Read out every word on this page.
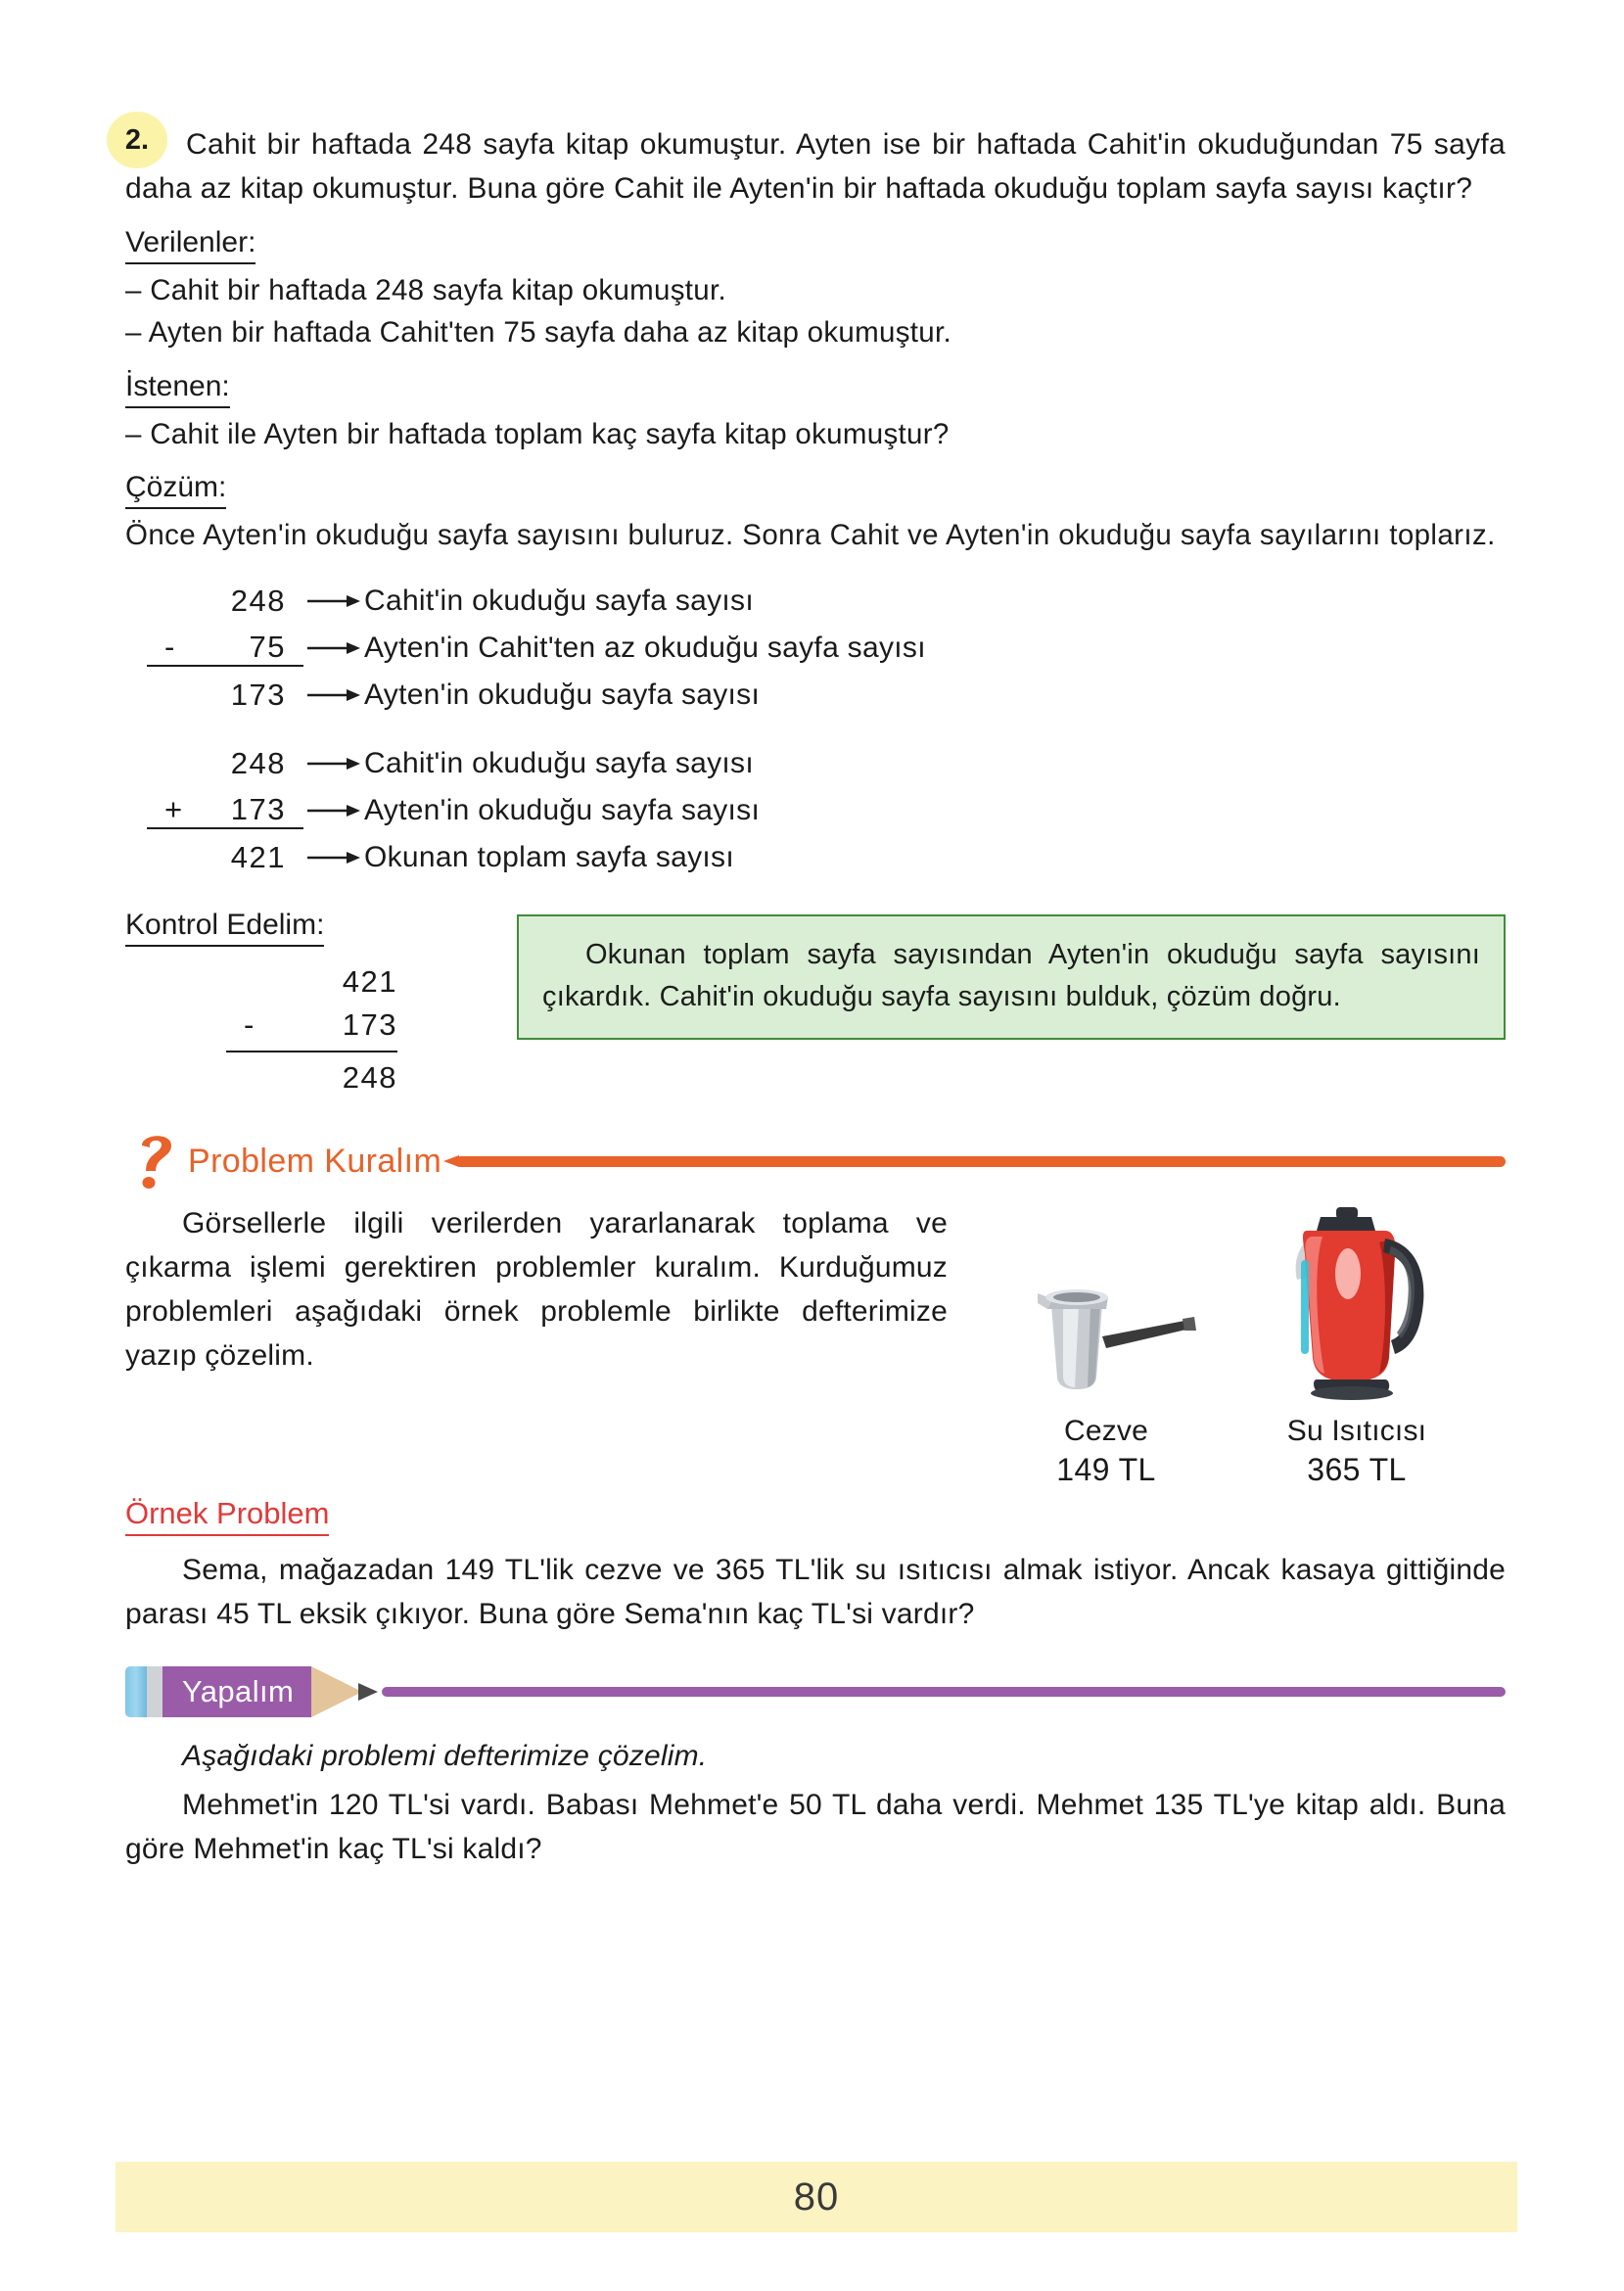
2.	Cahit bir haftada 248 sayfa kitap okumuştur. Ayten ise bir haftada Cahit'in okuduğundan 75 sayfa daha az kitap okumuştur. Buna göre Cahit ile Ayten'in bir haftada okuduğu toplam sayfa sayısı kaçtır?
Verilenler:
– Cahit bir haftada 248 sayfa kitap okumuştur.
– Ayten bir haftada Cahit'ten 75 sayfa daha az kitap okumuştur.
İstenen:
– Cahit ile Ayten bir haftada toplam kaç sayfa kitap okumuştur?
Çözüm:
Önce Ayten'in okuduğu sayfa sayısını buluruz. Sonra Cahit ve Ayten'in okuduğu sayfa sayılarını toplarız.
248	Cahit'in okuduğu sayfa sayısı
- 75	Ayten'in Cahit'ten az okuduğu sayfa sayısı
173	Ayten'in okuduğu sayfa sayısı
248	Cahit'in okuduğu sayfa sayısı
+ 173	Ayten'in okuduğu sayfa sayısı
421	Okunan toplam sayfa sayısı
Kontrol Edelim:
421
- 173
248

Okunan toplam sayfa sayısından Ayten'in okuduğu sayfa sayısını çıkardık. Cahit'in okuduğu sayfa sayısını bulduk, çözüm doğru.

Problem Kuralım
Görsellerle ilgili verilerden yararlanarak toplama ve çıkarma işlemi gerektiren problemler kuralım. Kurduğumuz problemleri aşağıdaki örnek problemle birlikte defterimize yazıp çözelim.
Cezve
149 TL
Su Isıtıcısı
365 TL
Örnek Problem
Sema, mağazadan 149 TL'lik cezve ve 365 TL'lik su ısıtıcısı almak istiyor. Ancak kasaya gittiğinde parası 45 TL eksik çıkıyor. Buna göre Sema'nın kaç TL'si vardır?
Yapalım
Aşağıdaki problemi defterimize çözelim.
Mehmet'in 120 TL'si vardı. Babası Mehmet'e 50 TL daha verdi. Mehmet 135 TL'ye kitap aldı. Buna göre Mehmet'in kaç TL'si kaldı?
80
